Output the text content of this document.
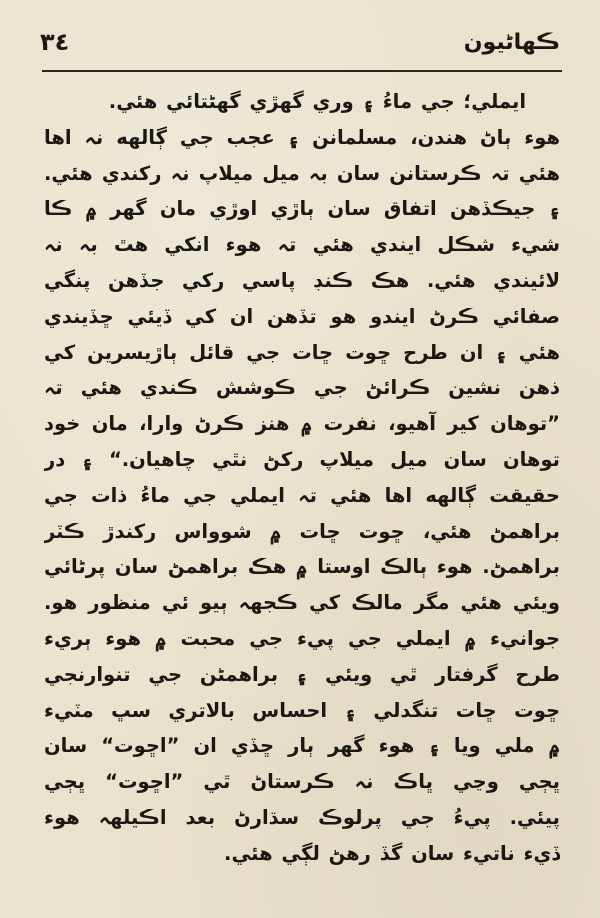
ڪهاڻيون
٣٤
ايملي؛ جي ماءُ ۽ وري گهڙي گهڻتائي هئي.
هوء ٻاڻ هندن، مسلمانن ۽ عجب جي ڳالهه نہ اها
هئي تہ ڪرستانن سان بہ ميل ميلاپ نہ رکندي هئي.
۽ جيڪڏهن اتفاق سان ٻاڙي اوڙي مان گهر ۾ ڪا
شيء شڪل ايندي هئي تہ هوء انکي هٿ بہ نہ
لائيندي هئي. هڪ ڪنڊ پاسي رکي جڏهن پنگي
صفائي ڪرڻ ايندو هو تڏهن ان کي ڏيئي ڇڏيندي
هئي ۽ ان طرح ڇوت ڇات جي قائل ٻاڙيسرين کي
ذهن نشين ڪرائڻ جي ڪوشش ڪندي هئي تہ
”توهان کير آهيو، نفرت ۾ هنز ڪرڻ وارا، مان خود
توهان سان ميل ميلاپ رکڻ نٿي چاهيان.“ ۽ در
حقيقت ڳالهه اها هئي تہ ايملي جي ماءُ ذات جي
براهمڻ هئي، ڇوت ڇات ۾ شوواس رکندڙ ڪٽر
براهمڻ. هوء ٻالڪ اوستا ۾ هڪ براهمڻ سان پرڻائي
ويئي هئي مگر مالڪ کي ڪجهہ ٻيو ئي منظور هو.
جوانيء ۾ ايملي جي پيء جي محبت ۾ هوء ٻريء
طرح گرفتار ٿي ويئي ۽ براهمڻن جي تنوارنجي
ڇوت ڇات تنگدلي ۽ احساس بالاتري سڀ مٽيء
۾ ملي ويا ۽ هوء گهر ٻار ڇڏي ان ”اڇوت“ سان
ڀڄي وڃي ڀاڪ نہ ڪرستاڻ ٿي ”اڇوت“ ڀڄي
پيئي. پيءُ جي پرلوڪ سڌارڻ بعد اڪيلهہ هوء
ڏيء ناتيء سان گڏ رهڻ لڳي هئي.
